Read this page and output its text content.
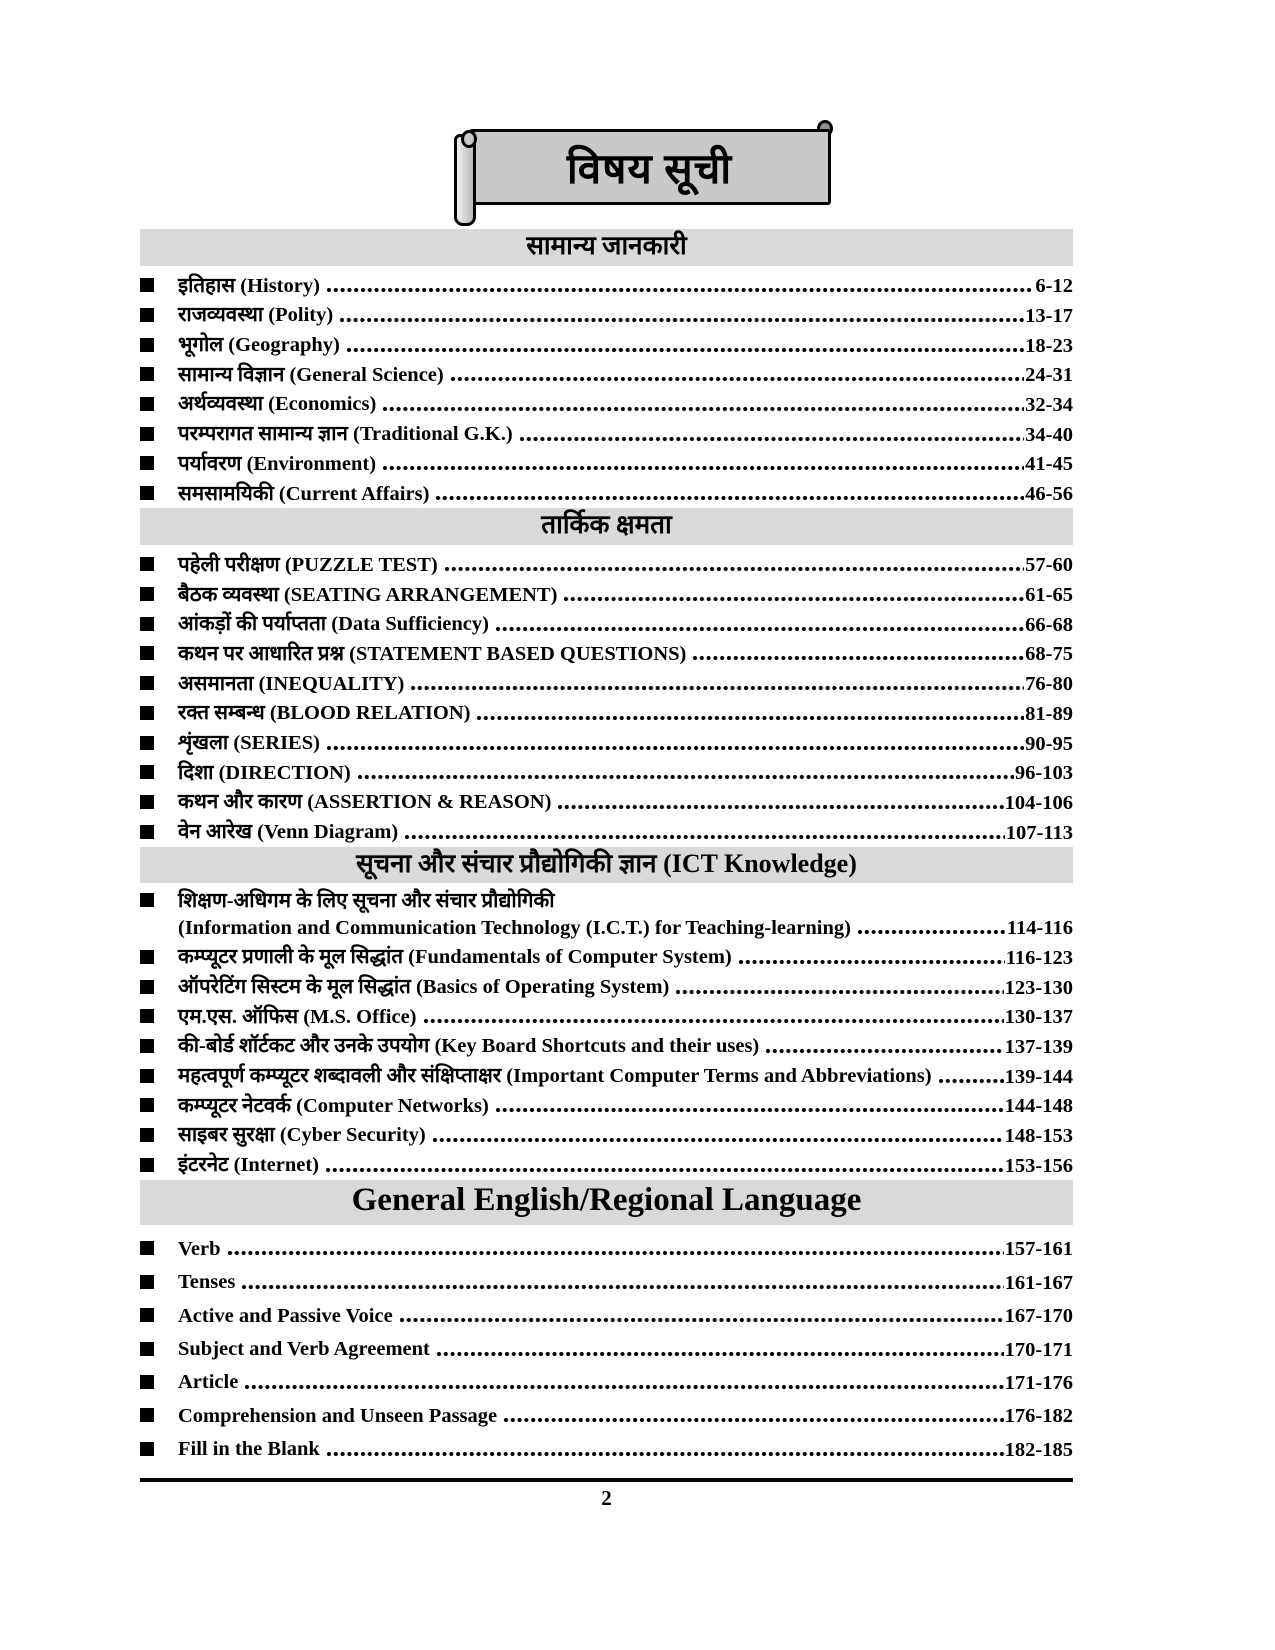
विषय सूची
सामान्य जानकारी
इतिहास (History)	6-12
राजव्यवस्था (Polity)	13-17
भूगोल (Geography)	18-23
सामान्य विज्ञान (General Science)	24-31
अर्थव्यवस्था (Economics)	32-34
परम्परागत सामान्य ज्ञान (Traditional G.K.)	34-40
पर्यावरण (Environment)	41-45
समसामयिकी (Current Affairs)	46-56
तार्किक क्षमता
पहेली परीक्षण (PUZZLE TEST)	57-60
बैठक व्यवस्था (SEATING ARRANGEMENT)	61-65
आंकड़ों की पर्याप्तता (Data Sufficiency)	66-68
कथन पर आधारित प्रश्न (STATEMENT BASED QUESTIONS)	68-75
असमानता (INEQUALITY)	76-80
रक्त सम्बन्ध (BLOOD RELATION)	81-89
शृंखला (SERIES)	90-95
दिशा (DIRECTION)	96-103
कथन और कारण (ASSERTION & REASON)	104-106
वेन आरेख (Venn Diagram)	107-113
सूचना और संचार प्रौद्योगिकी ज्ञान (ICT Knowledge)
शिक्षण-अधिगम के लिए सूचना और संचार प्रौद्योगिकी
(Information and Communication Technology (I.C.T.) for Teaching-learning)	114-116
कम्प्यूटर प्रणाली के मूल सिद्धांत (Fundamentals of Computer System)	116-123
ऑपरेटिंग सिस्टम के मूल सिद्धांत (Basics of Operating System)	123-130
एम.एस. ऑफिस (M.S. Office)	130-137
की-बोर्ड शॉर्टकट और उनके उपयोग (Key Board Shortcuts and their uses)	137-139
महत्वपूर्ण कम्प्यूटर शब्दावली और संक्षिप्ताक्षर (Important Computer Terms and Abbreviations)	139-144
कम्प्यूटर नेटवर्क (Computer Networks)	144-148
साइबर सुरक्षा (Cyber Security)	148-153
इंटरनेट (Internet)	153-156
General English/Regional Language
Verb	157-161
Tenses	161-167
Active and Passive Voice	167-170
Subject and Verb Agreement	170-171
Article	171-176
Comprehension and Unseen Passage	176-182
Fill in the Blank	182-185
2
